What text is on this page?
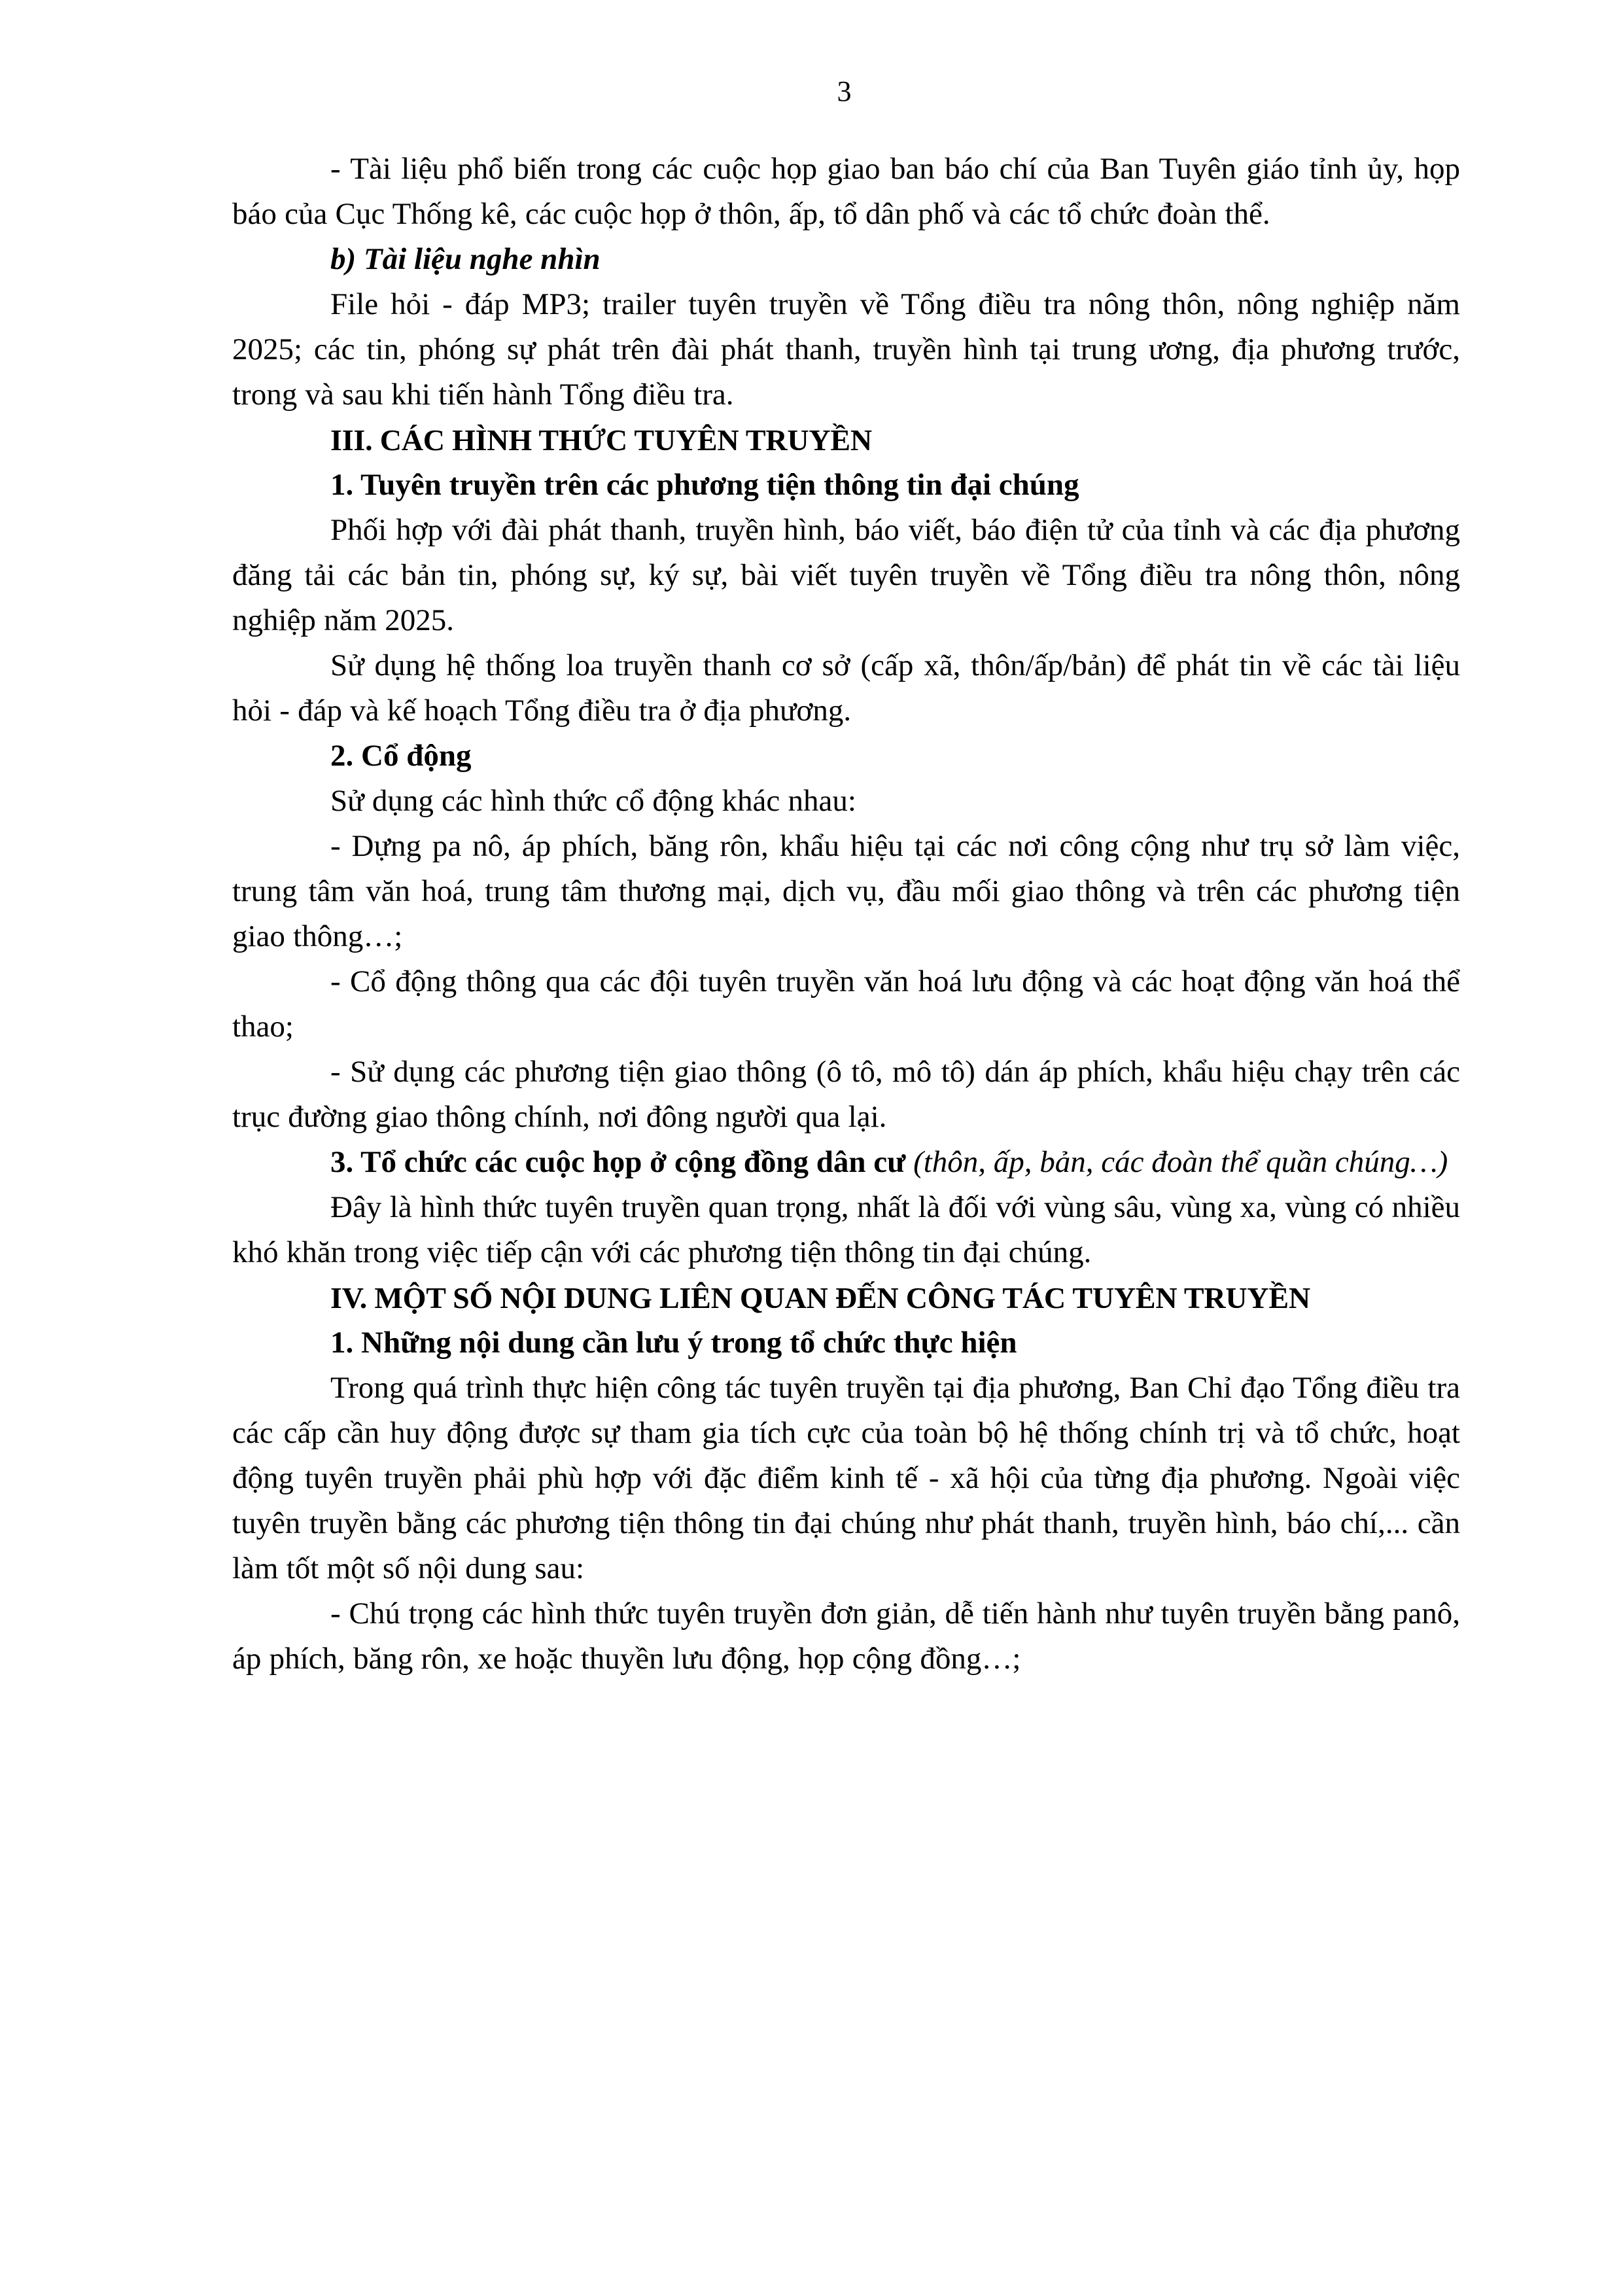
3

- Tài liệu phổ biến trong các cuộc họp giao ban báo chí của Ban Tuyên giáo tỉnh ủy, họp báo của Cục Thống kê, các cuộc họp ở thôn, ấp, tổ dân phố và các tổ chức đoàn thể.

b) Tài liệu nghe nhìn

File hỏi - đáp MP3; trailer tuyên truyền về Tổng điều tra nông thôn, nông nghiệp năm 2025; các tin, phóng sự phát trên đài phát thanh, truyền hình tại trung ương, địa phương trước, trong và sau khi tiến hành Tổng điều tra.

III. CÁC HÌNH THỨC TUYÊN TRUYỀN

1. Tuyên truyền trên các phương tiện thông tin đại chúng

Phối hợp với đài phát thanh, truyền hình, báo viết, báo điện tử của tỉnh và các địa phương đăng tải các bản tin, phóng sự, ký sự, bài viết tuyên truyền về Tổng điều tra nông thôn, nông nghiệp năm 2025.

Sử dụng hệ thống loa truyền thanh cơ sở (cấp xã, thôn/ấp/bản) để phát tin về các tài liệu hỏi - đáp và kế hoạch Tổng điều tra ở địa phương.

2. Cổ động

Sử dụng các hình thức cổ động khác nhau:

- Dựng pa nô, áp phích, băng rôn, khẩu hiệu tại các nơi công cộng như trụ sở làm việc, trung tâm văn hoá, trung tâm thương mại, dịch vụ, đầu mối giao thông và trên các phương tiện giao thông…;

- Cổ động thông qua các đội tuyên truyền văn hoá lưu động và các hoạt động văn hoá thể thao;

- Sử dụng các phương tiện giao thông (ô tô, mô tô) dán áp phích, khẩu hiệu chạy trên các trục đường giao thông chính, nơi đông người qua lại.

3. Tổ chức các cuộc họp ở cộng đồng dân cư (thôn, ấp, bản, các đoàn thể quần chúng…)

Đây là hình thức tuyên truyền quan trọng, nhất là đối với vùng sâu, vùng xa, vùng có nhiều khó khăn trong việc tiếp cận với các phương tiện thông tin đại chúng.

IV. MỘT SỐ NỘI DUNG LIÊN QUAN ĐẾN CÔNG TÁC TUYÊN TRUYỀN

1. Những nội dung cần lưu ý trong tổ chức thực hiện

Trong quá trình thực hiện công tác tuyên truyền tại địa phương, Ban Chỉ đạo Tổng điều tra các cấp cần huy động được sự tham gia tích cực của toàn bộ hệ thống chính trị và tổ chức, hoạt động tuyên truyền phải phù hợp với đặc điểm kinh tế - xã hội của từng địa phương. Ngoài việc tuyên truyền bằng các phương tiện thông tin đại chúng như phát thanh, truyền hình, báo chí,... cần làm tốt một số nội dung sau:

- Chú trọng các hình thức tuyên truyền đơn giản, dễ tiến hành như tuyên truyền bằng panô, áp phích, băng rôn, xe hoặc thuyền lưu động, họp cộng đồng…;
